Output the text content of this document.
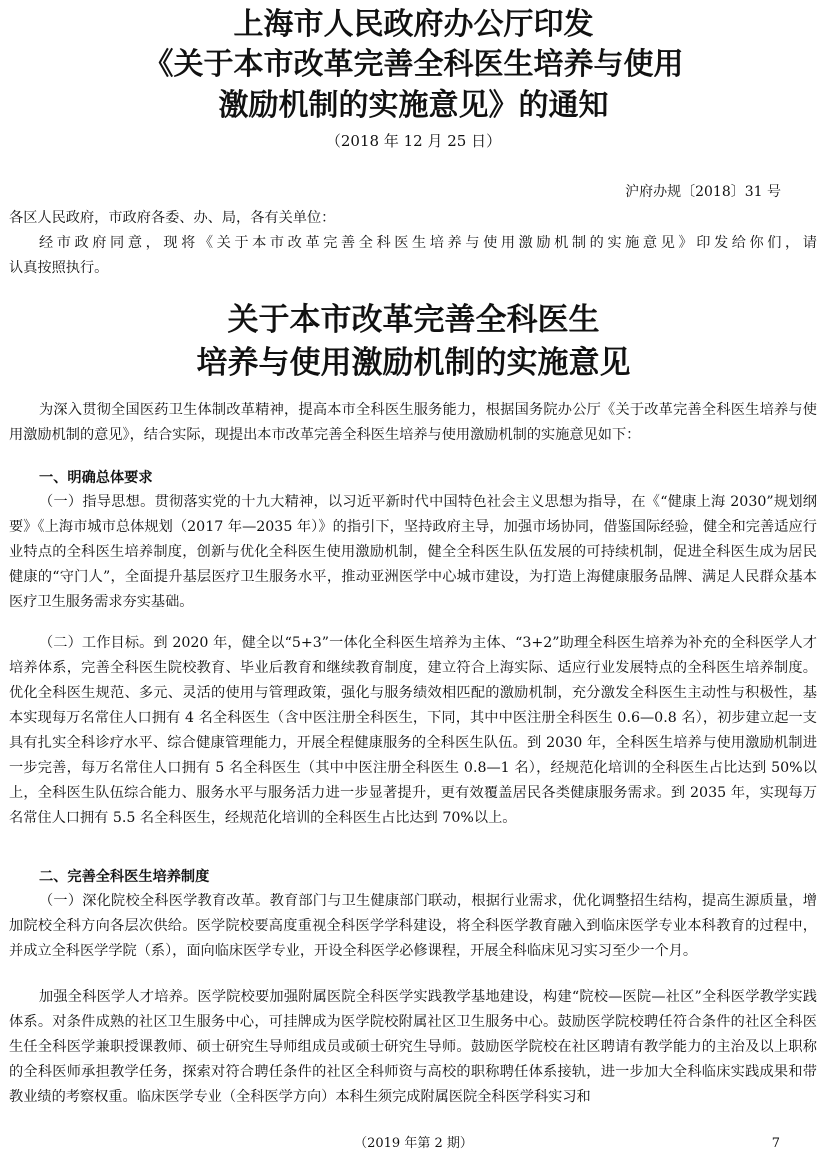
上海市人民政府办公厅印发
《关于本市改革完善全科医生培养与使用
激励机制的实施意见》的通知
（2018 年 12 月 25 日）
沪府办规〔2018〕31 号

各区人民政府，市政府各委、办、局，各有关单位：

经市政府同意，现将《关于本市改革完善全科医生培养与使用激励机制的实施意见》印发给你们，请

认真按照执行。

关于本市改革完善全科医生
培养与使用激励机制的实施意见

为深入贯彻全国医药卫生体制改革精神，提高本市全科医生服务能力，根据国务院办公厅《关于改革完善全科医生培养与使用激励机制的意见》，结合实际，现提出本市改革完善全科医生培养与使用激励机制的实施意见如下：

一、明确总体要求

（一）指导思想。贯彻落实党的十九大精神，以习近平新时代中国特色社会主义思想为指导，在《“健康上海 2030”规划纲要》《上海市城市总体规划（2017 年—2035 年）》的指引下，坚持政府主导，加强市场协同，借鉴国际经验，健全和完善适应行业特点的全科医生培养制度，创新与优化全科医生使用激励机制，健全全科医生队伍发展的可持续机制，促进全科医生成为居民健康的“守门人”，全面提升基层医疗卫生服务水平，推动亚洲医学中心城市建设，为打造上海健康服务品牌、满足人民群众基本医疗卫生服务需求夯实基础。

（二）工作目标。到 2020 年，健全以“5+3”一体化全科医生培养为主体、“3+2”助理全科医生培养为补充的全科医学人才培养体系，完善全科医生院校教育、毕业后教育和继续教育制度，建立符合上海实际、适应行业发展特点的全科医生培养制度。优化全科医生规范、多元、灵活的使用与管理政策，强化与服务绩效相匹配的激励机制，充分激发全科医生主动性与积极性，基本实现每万名常住人口拥有 4 名全科医生（含中医注册全科医生，下同，其中中医注册全科医生 0.6—0.8 名），初步建立起一支具有扎实全科诊疗水平、综合健康管理能力，开展全程健康服务的全科医生队伍。到 2030 年，全科医生培养与使用激励机制进一步完善，每万名常住人口拥有 5 名全科医生（其中中医注册全科医生 0.8—1 名），经规范化培训的全科医生占比达到 50%以上，全科医生队伍综合能力、服务水平与服务活力进一步显著提升，更有效覆盖居民各类健康服务需求。到 2035 年，实现每万名常住人口拥有 5.5 名全科医生，经规范化培训的全科医生占比达到 70%以上。

二、完善全科医生培养制度

（一）深化院校全科医学教育改革。教育部门与卫生健康部门联动，根据行业需求，优化调整招生结构，提高生源质量，增加院校全科方向各层次供给。医学院校要高度重视全科医学学科建设，将全科医学教育融入到临床医学专业本科教育的过程中，并成立全科医学学院（系），面向临床医学专业，开设全科医学必修课程，开展全科临床见习实习至少一个月。

加强全科医学人才培养。医学院校要加强附属医院全科医学实践教学基地建设，构建“院校—医院—社区”全科医学教学实践体系。对条件成熟的社区卫生服务中心，可挂牌成为医学院校附属社区卫生服务中心。鼓励医学院校聘任符合条件的社区全科医生任全科医学兼职授课教师、硕士研究生导师组成员或硕士研究生导师。鼓励医学院校在社区聘请有教学能力的主治及以上职称的全科医师承担教学任务，探索对符合聘任条件的社区全科师资与高校的职称聘任体系接轨，进一步加大全科临床实践成果和带教业绩的考察权重。临床医学专业（全科医学方向）本科生须完成附属医院全科医学科实习和

（2019 年第 2 期）	7
